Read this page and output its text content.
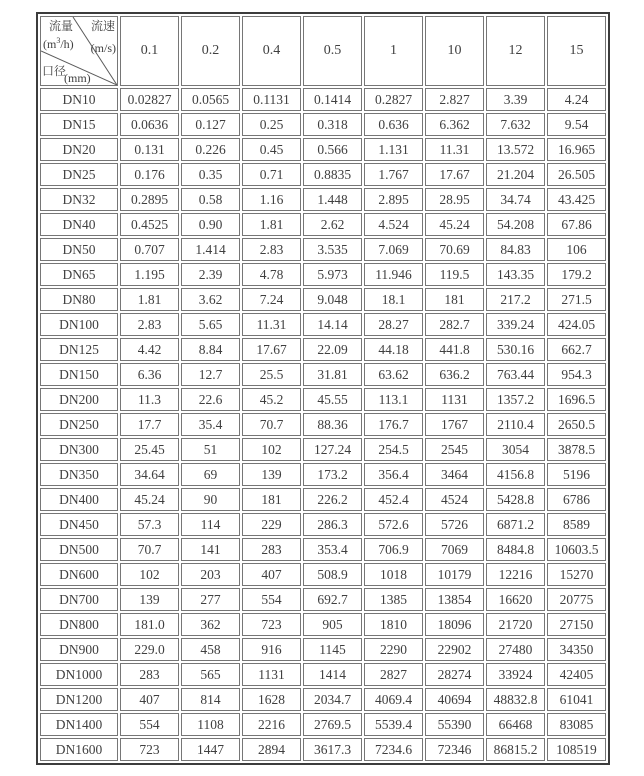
流量
$(m^3/h)$
流速
(m/s)
口径
(mm)
	0.1	0.2	0.4	0.5	1	10	12	15
DN10	0.02827	0.0565	0.1131	0.1414	0.2827	2.827	3.39	4.24
DN15	0.0636	0.127	0.25	0.318	0.636	6.362	7.632	9.54
DN20	0.131	0.226	0.45	0.566	1.131	11.31	13.572	16.965
DN25	0.176	0.35	0.71	0.8835	1.767	17.67	21.204	26.505
DN32	0.2895	0.58	1.16	1.448	2.895	28.95	34.74	43.425
DN40	0.4525	0.90	1.81	2.62	4.524	45.24	54.208	67.86
DN50	0.707	1.414	2.83	3.535	7.069	70.69	84.83	106
DN65	1.195	2.39	4.78	5.973	11.946	119.5	143.35	179.2
DN80	1.81	3.62	7.24	9.048	18.1	181	217.2	271.5
DN100	2.83	5.65	11.31	14.14	28.27	282.7	339.24	424.05
DN125	4.42	8.84	17.67	22.09	44.18	441.8	530.16	662.7
DN150	6.36	12.7	25.5	31.81	63.62	636.2	763.44	954.3
DN200	11.3	22.6	45.2	45.55	113.1	1131	1357.2	1696.5
DN250	17.7	35.4	70.7	88.36	176.7	1767	2110.4	2650.5
DN300	25.45	51	102	127.24	254.5	2545	3054	3878.5
DN350	34.64	69	139	173.2	356.4	3464	4156.8	5196
DN400	45.24	90	181	226.2	452.4	4524	5428.8	6786
DN450	57.3	114	229	286.3	572.6	5726	6871.2	8589
DN500	70.7	141	283	353.4	706.9	7069	8484.8	10603.5
DN600	102	203	407	508.9	1018	10179	12216	15270
DN700	139	277	554	692.7	1385	13854	16620	20775
DN800	181.0	362	723	905	1810	18096	21720	27150
DN900	229.0	458	916	1145	2290	22902	27480	34350
DN1000	283	565	1131	1414	2827	28274	33924	42405
DN1200	407	814	1628	2034.7	4069.4	40694	48832.8	61041
DN1400	554	1108	2216	2769.5	5539.4	55390	66468	83085
DN1600	723	1447	2894	3617.3	7234.6	72346	86815.2	108519
